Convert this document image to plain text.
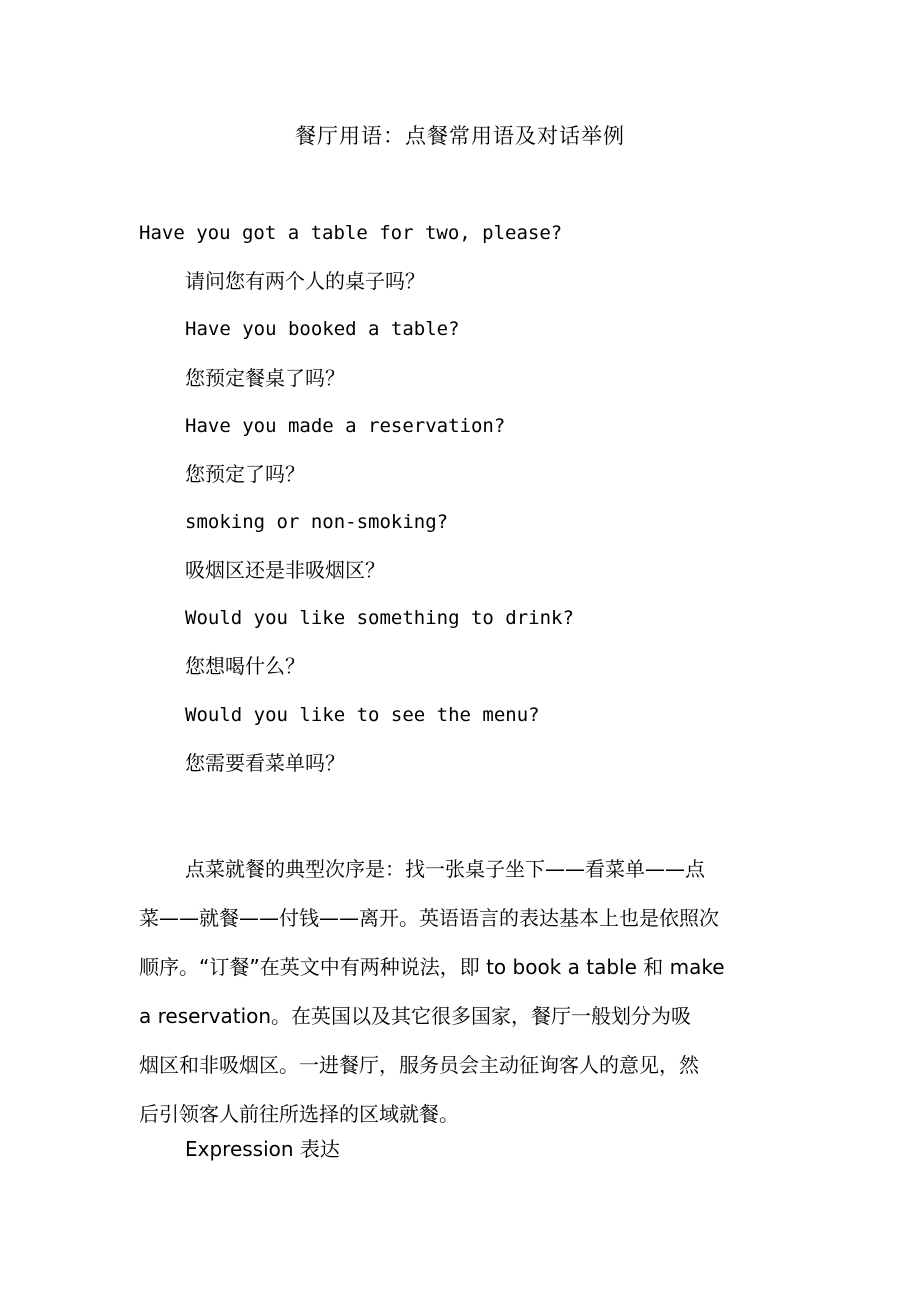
餐厅用语：点餐常用语及对话举例
Have you got a table for two, please?
请问您有两个人的桌子吗？
Have you booked a table?
您预定餐桌了吗？
Have you made a reservation?
您预定了吗？
smoking or non-smoking?
吸烟区还是非吸烟区？
Would you like something to drink?
您想喝什么？
Would you like to see the menu?
您需要看菜单吗？
点菜就餐的典型次序是：找一张桌子坐下——看菜单——点
菜——就餐——付钱——离开。英语语言的表达基本上也是依照次
顺序。“订餐”在英文中有两种说法，即 to book a table 和 make
a reservation。在英国以及其它很多国家，餐厅一般划分为吸
烟区和非吸烟区。一进餐厅，服务员会主动征询客人的意见，然
后引领客人前往所选择的区域就餐。
Expression 表达
